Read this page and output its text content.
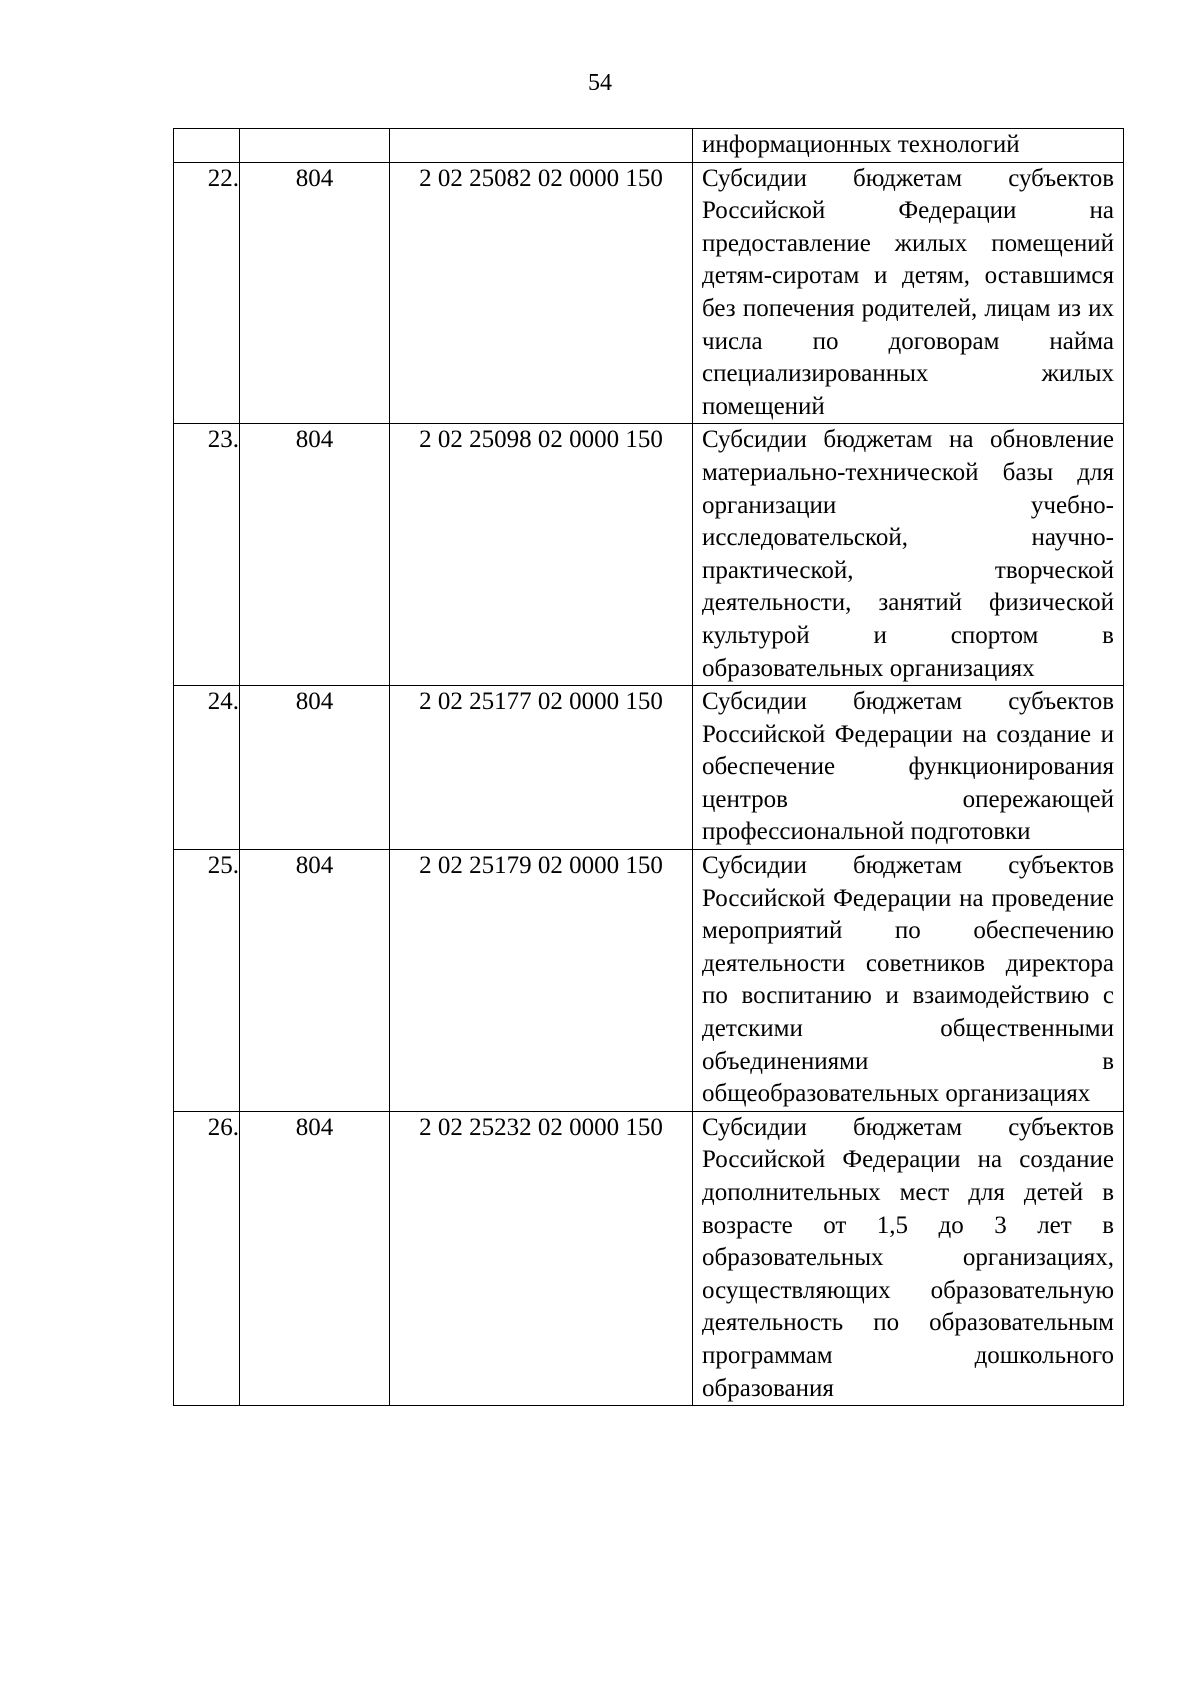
54
			информационных технологий
22.	804	2 02 25082 02 0000 150	Субсидии бюджетам субъектов Российской Федерации на предоставление жилых помещений детям-сиротам и детям, оставшимся без попечения родителей, лицам из их числа по договорам найма специализированных жилых помещений
23.	804	2 02 25098 02 0000 150	Субсидии бюджетам на обновление материально-технической базы для организации учебно-исследовательской, научно-практической, творческой деятельности, занятий физической культурой и спортом в образовательных организациях
24.	804	2 02 25177 02 0000 150	Субсидии бюджетам субъектов Российской Федерации на создание и обеспечение функционирования центров опережающей профессиональной подготовки
25.	804	2 02 25179 02 0000 150	Субсидии бюджетам субъектов Российской Федерации на проведение мероприятий по обеспечению деятельности советников директора по воспитанию и взаимодействию с детскими общественными объединениями в общеобразовательных организациях
26.	804	2 02 25232 02 0000 150	Субсидии бюджетам субъектов Российской Федерации на создание дополнительных мест для детей в возрасте от 1,5 до 3 лет в образовательных организациях, осуществляющих образовательную деятельность по образовательным программам дошкольного образования
